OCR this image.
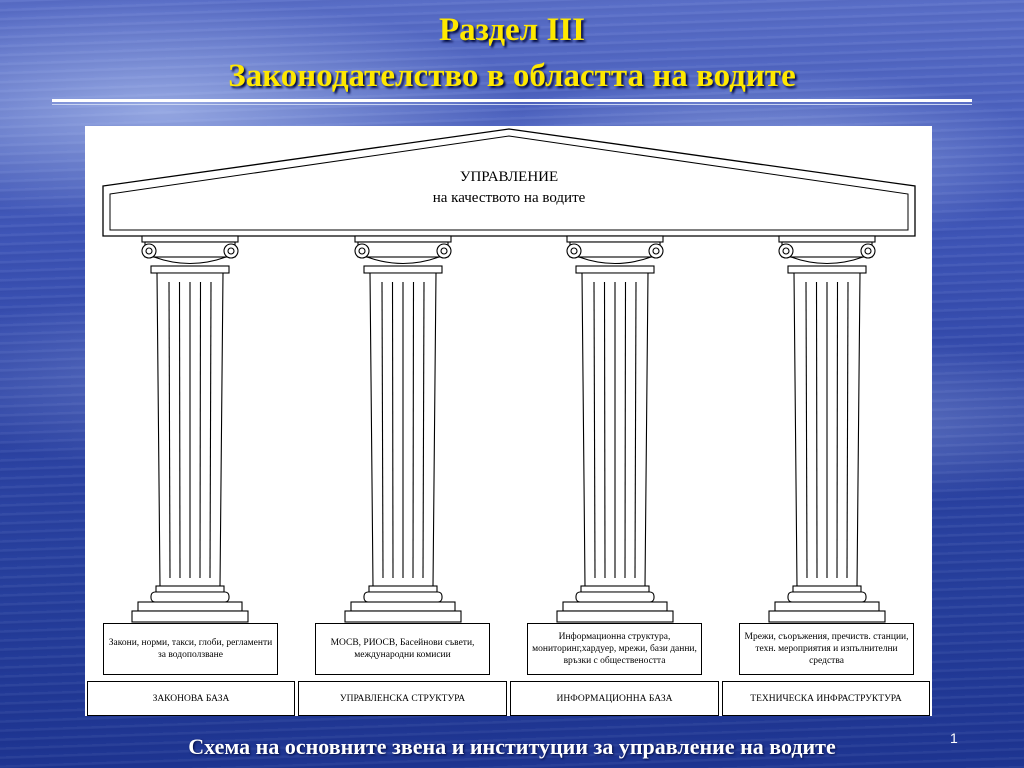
Раздел III
Законодателство в областта на водите
УПРАВЛЕНИЕ
на качеството на водите
Закони, норми, такси, глоби, регламенти за водоползване
МОСВ, РИОСВ, Басейнови съвети, международни комисии
Информационна структура, мониторинг,хардуер, мрежи, бази данни, връзки с обществеността
Мрежи, съоръжения, пречиств. станции, техн. мероприятия и изпълнителни средства
ЗАКОНОВА БАЗА	УПРАВЛЕНСКА СТРУКТУРА	ИНФОРМАЦИОННА БАЗА	ТЕХНИЧЕСКА ИНФРАСТРУКТУРА
Схема на основните звена и институции за управление на водите	1
